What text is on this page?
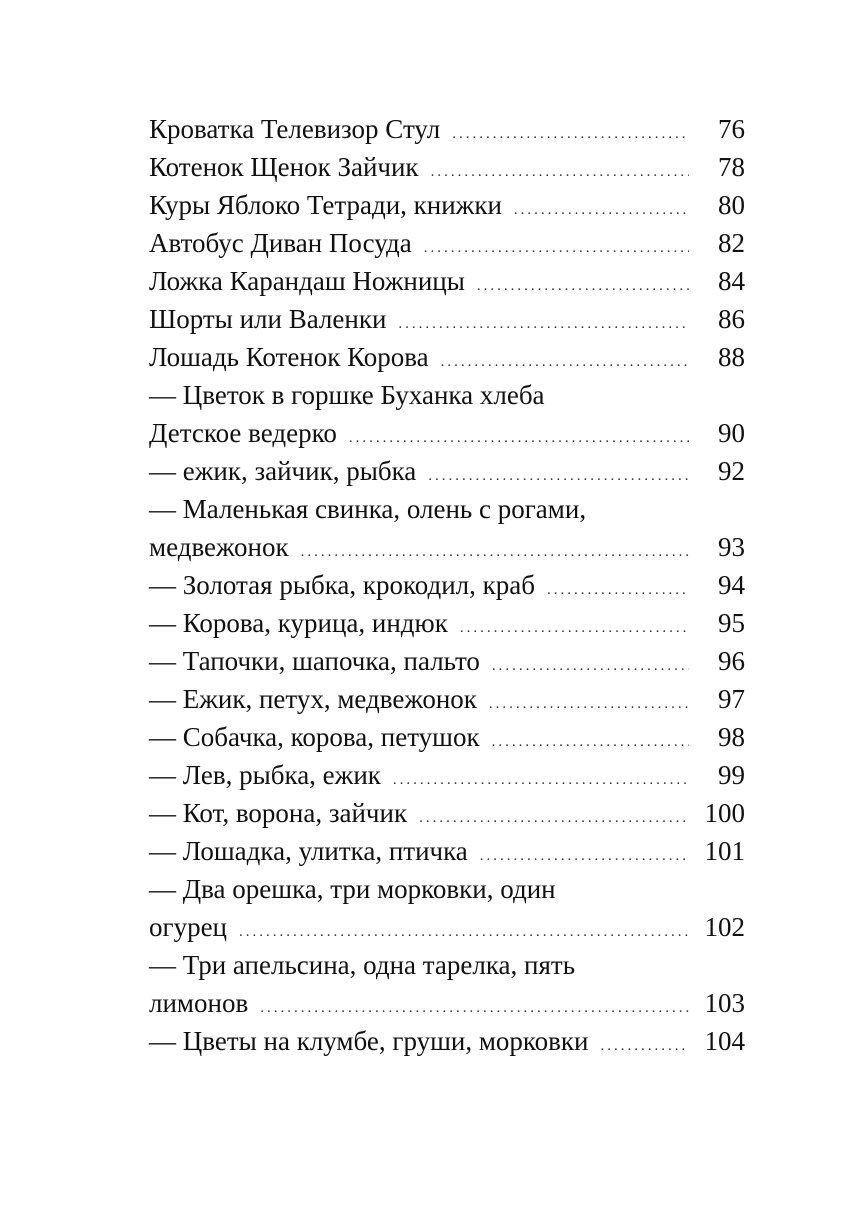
Кроватка Телевизор Стул .....	76
Котенок Щенок Зайчик .....	78
Куры Яблоко Тетради, книжки .....	80
Автобус Диван Посуда .....	82
Ложка Карандаш Ножницы .....	84
Шорты или Валенки .....	86
Лошадь Котенок Корова .....	88
— Цветок в горшке Буханка хлеба
Детское ведерко .....	90
— ежик, зайчик, рыбка .....	92
— Маленькая свинка, олень с рогами,
медвежонок .....	93
— Золотая рыбка, крокодил, краб .....	94
— Корова, курица, индюк .....	95
— Тапочки, шапочка, пальто .....	96
— Ежик, петух, медвежонок .....	97
— Собачка, корова, петушок .....	98
— Лев, рыбка, ежик .....	99
— Кот, ворона, зайчик .....	100
— Лошадка, улитка, птичка .....	101
— Два орешка, три морковки, один
огурец .....	102
— Три апельсина, одна тарелка, пять
лимонов .....	103
— Цветы на клумбе, груши, морковки .....	104
